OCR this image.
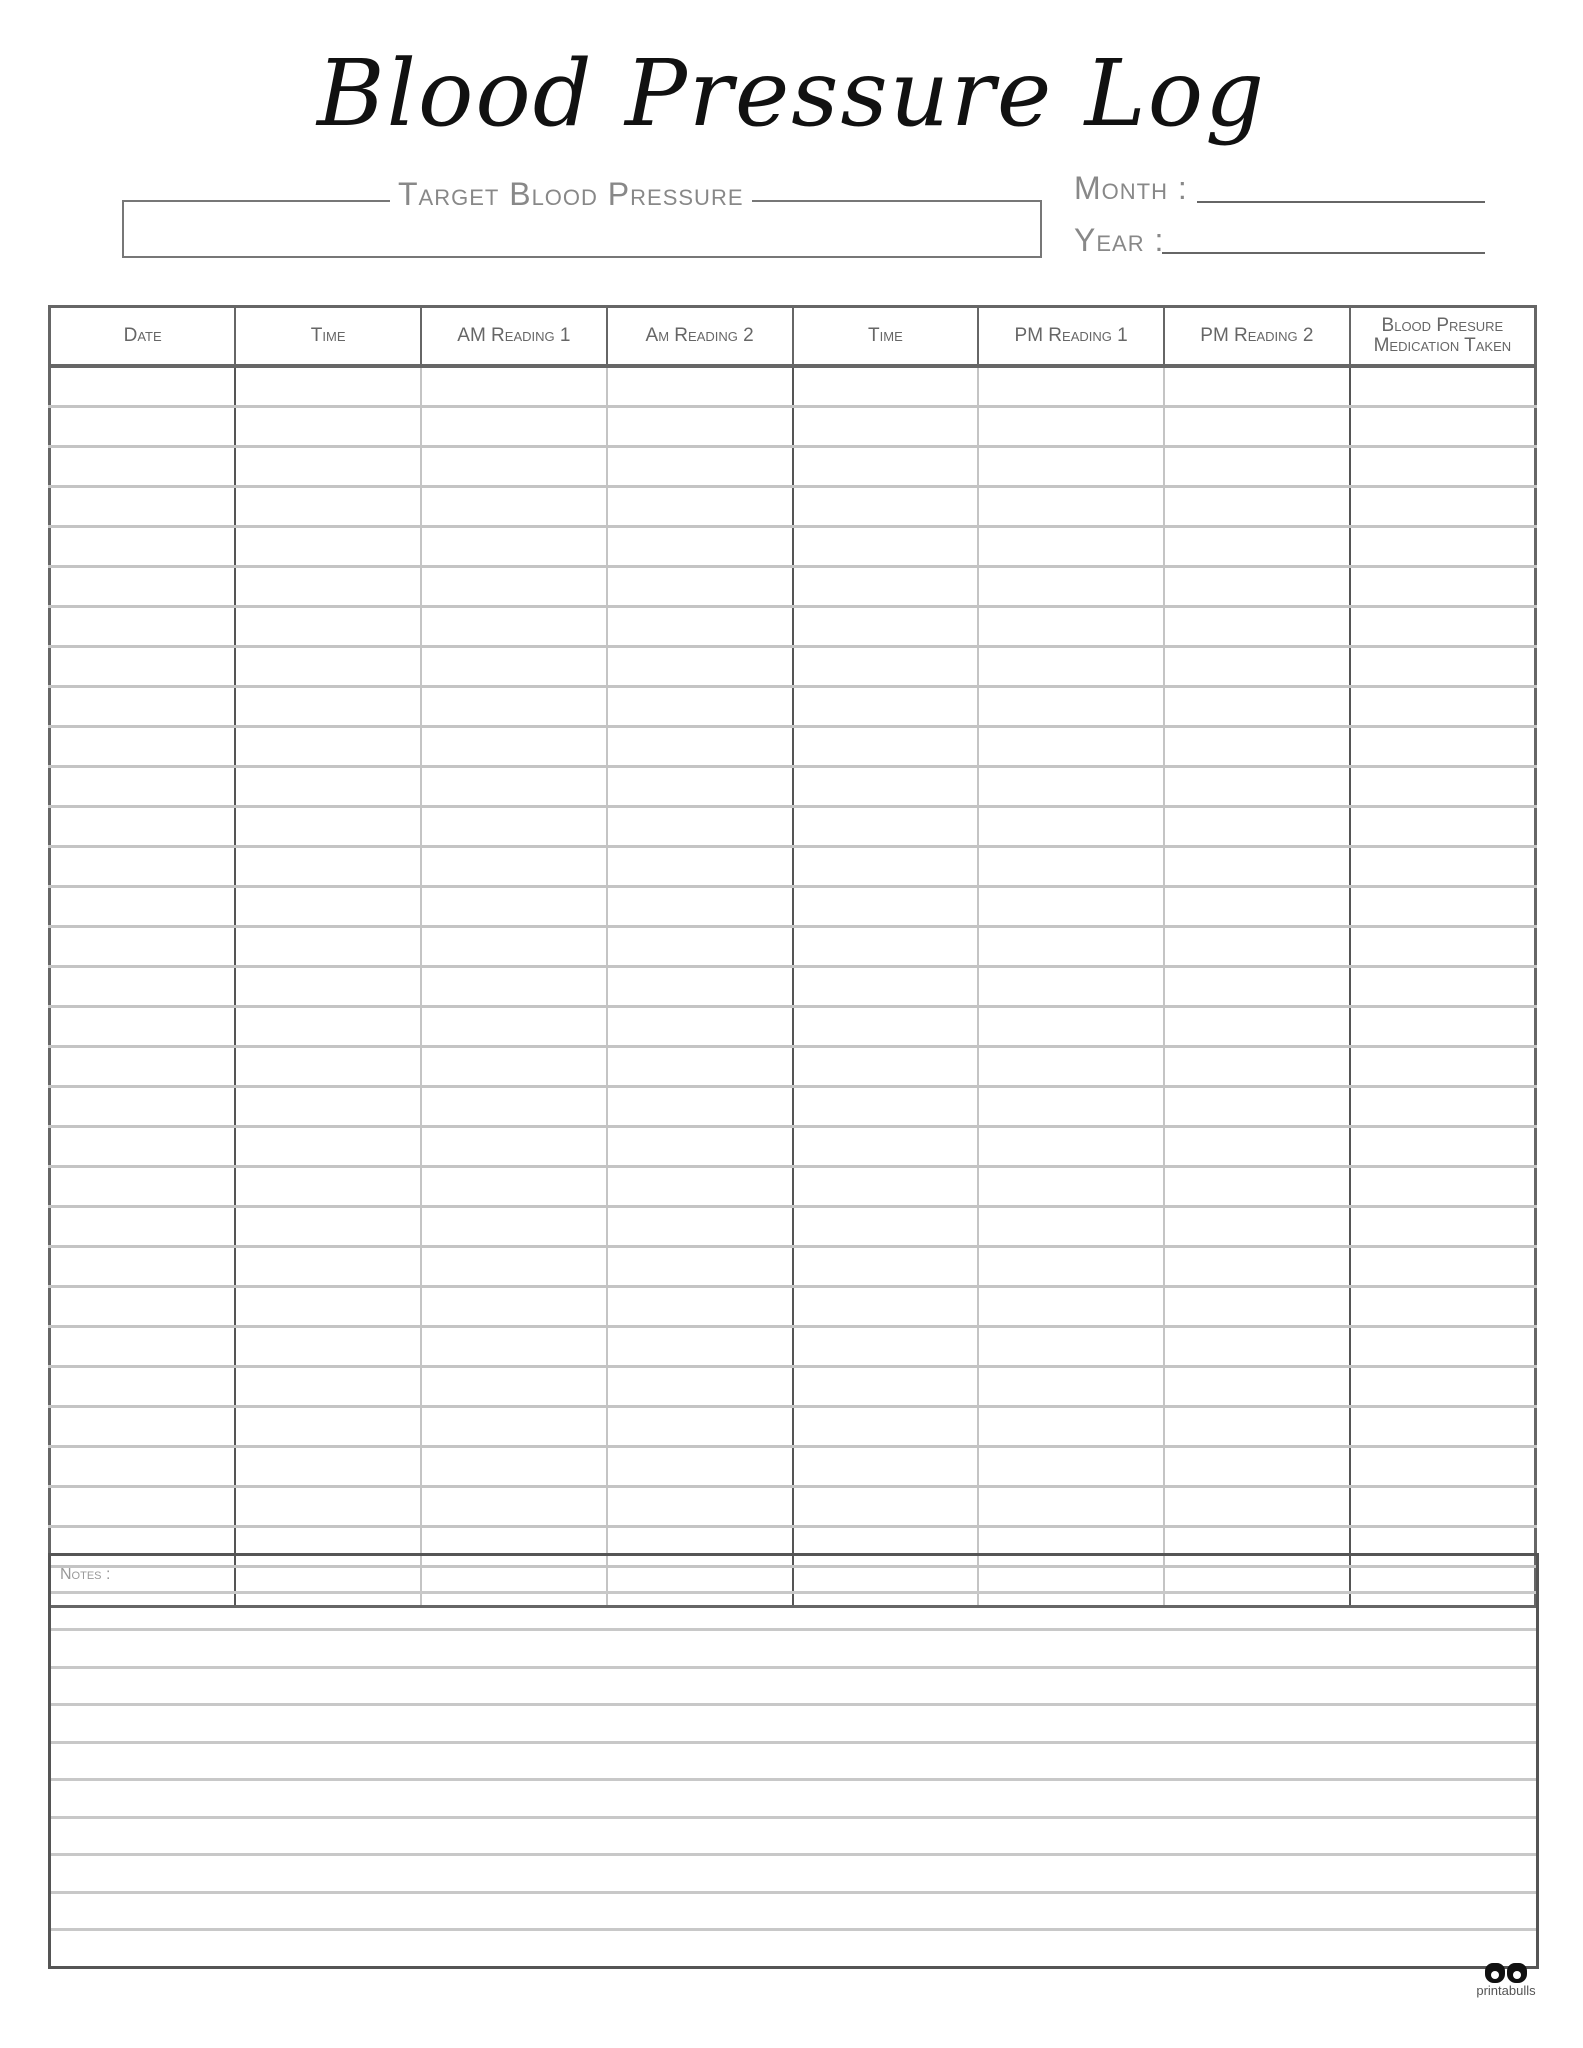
Blood Pressure Log
Target Blood Pressure	Month :
Year :
Date	Time	AM Reading 1	Am Reading 2	Time	PM Reading 1	PM Reading 2	Blood Presure Medication Taken

Notes :
printabulls
